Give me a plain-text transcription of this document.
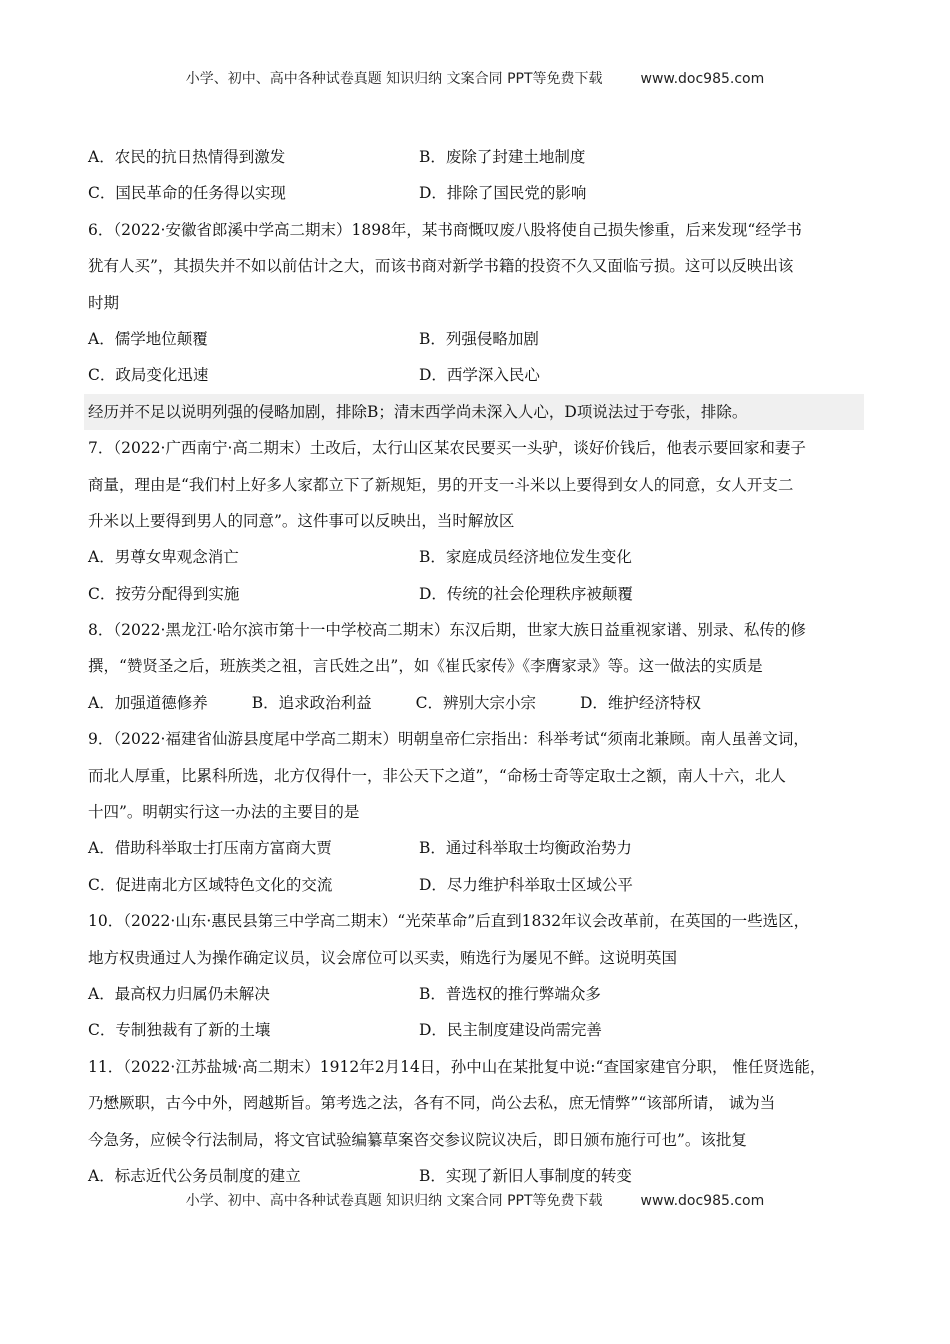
小学、初中、高中各种试卷真题 知识归纳 文案合同 PPT等免费下载	www.doc985.com
A．农民的抗日热情得到激发	B．废除了封建土地制度
C．国民革命的任务得以实现	D．排除了国民党的影响
6．（2022·安徽省郎溪中学高二期末）1898年，某书商慨叹废八股将使自己损失惨重，后来发现“经学书
犹有人买”，其损失并不如以前估计之大，而该书商对新学书籍的投资不久又面临亏损。这可以反映出该
时期
A．儒学地位颠覆	B．列强侵略加剧
C．政局变化迅速	D．西学深入民心
经历并不足以说明列强的侵略加剧，排除B；清末西学尚未深入人心，D项说法过于夸张，排除。
7．（2022·广西南宁·高二期末）土改后，太行山区某农民要买一头驴，谈好价钱后，他表示要回家和妻子
商量，理由是“我们村上好多人家都立下了新规矩，男的开支一斗米以上要得到女人的同意，女人开支二
升米以上要得到男人的同意”。这件事可以反映出，当时解放区
A．男尊女卑观念消亡	B．家庭成员经济地位发生变化
C．按劳分配得到实施	D．传统的社会伦理秩序被颠覆
8．（2022·黑龙江·哈尔滨市第十一中学校高二期末）东汉后期，世家大族日益重视家谱、别录、私传的修
撰，“赞贤圣之后，班族类之祖，言氏姓之出”，如《崔氏家传》《李膺家录》等。这一做法的实质是
A．加强道德修养	B．追求政治利益	C．辨别大宗小宗	D．维护经济特权
9．（2022·福建省仙游县度尾中学高二期末）明朝皇帝仁宗指出：科举考试“须南北兼顾。南人虽善文词，
而北人厚重，比累科所选，北方仅得什一，非公天下之道”，“命杨士奇等定取士之额，南人十六，北人
十四”。明朝实行这一办法的主要目的是
A．借助科举取士打压南方富商大贾	B．通过科举取士均衡政治势力
C．促进南北方区域特色文化的交流	D．尽力维护科举取士区域公平
10．（2022·山东·惠民县第三中学高二期末）“光荣革命”后直到1832年议会改革前，在英国的一些选区，
地方权贵通过人为操作确定议员，议会席位可以买卖，贿选行为屡见不鲜。这说明英国
A．最高权力归属仍未解决	B．普选权的推行弊端众多
C．专制独裁有了新的土壤	D．民主制度建设尚需完善
11．（2022·江苏盐城·高二期末）1912年2月14日，孙中山在某批复中说:“查国家建官分职， 惟任贤选能，
乃懋厥职，古今中外，罔越斯旨。第考选之法，各有不同，尚公去私，庶无情弊”“该部所请， 诚为当
今急务，应候令行法制局，将文官试验编纂草案咨交参议院议决后，即日颁布施行可也”。该批复
A．标志近代公务员制度的建立	B．实现了新旧人事制度的转变
小学、初中、高中各种试卷真题 知识归纳 文案合同 PPT等免费下载	www.doc985.com
